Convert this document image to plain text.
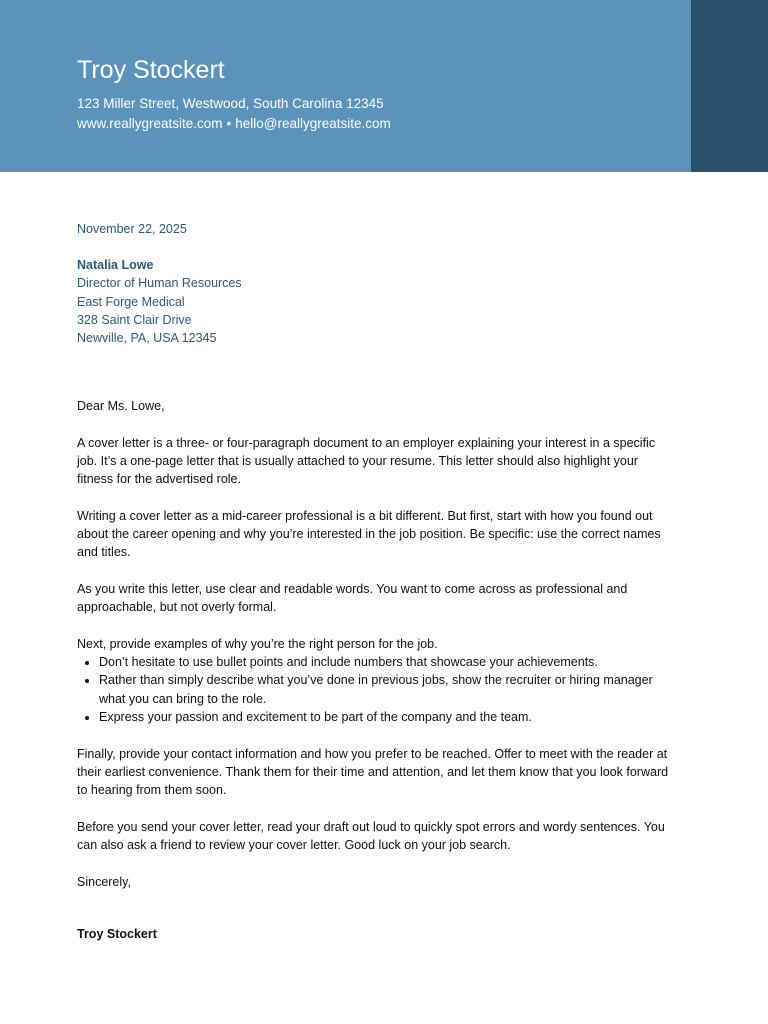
Troy Stockert
123 Miller Street, Westwood, South Carolina 12345
www.reallygreatsite.com • hello@reallygreatsite.com
November 22, 2025
Natalia Lowe
Director of Human Resources
East Forge Medical
328 Saint Clair Drive
Newville, PA, USA 12345

Dear Ms. Lowe,

A cover letter is a three- or four-paragraph document to an employer explaining your interest in a specific job. It’s a one-page letter that is usually attached to your resume. This letter should also highlight your fitness for the advertised role.

Writing a cover letter as a mid-career professional is a bit different. But first, start with how you found out about the career opening and why you’re interested in the job position. Be specific: use the correct names and titles.

As you write this letter, use clear and readable words. You want to come across as professional and approachable, but not overly formal.

Next, provide examples of why you’re the right person for the job.

• Don’t hesitate to use bullet points and include numbers that showcase your achievements.
• Rather than simply describe what you’ve done in previous jobs, show the recruiter or hiring manager what you can bring to the role.
• Express your passion and excitement to be part of the company and the team.

Finally, provide your contact information and how you prefer to be reached. Offer to meet with the reader at their earliest convenience. Thank them for their time and attention, and let them know that you look forward to hearing from them soon.

Before you send your cover letter, read your draft out loud to quickly spot errors and wordy sentences. You can also ask a friend to review your cover letter. Good luck on your job search.

Sincerely,

Troy Stockert
